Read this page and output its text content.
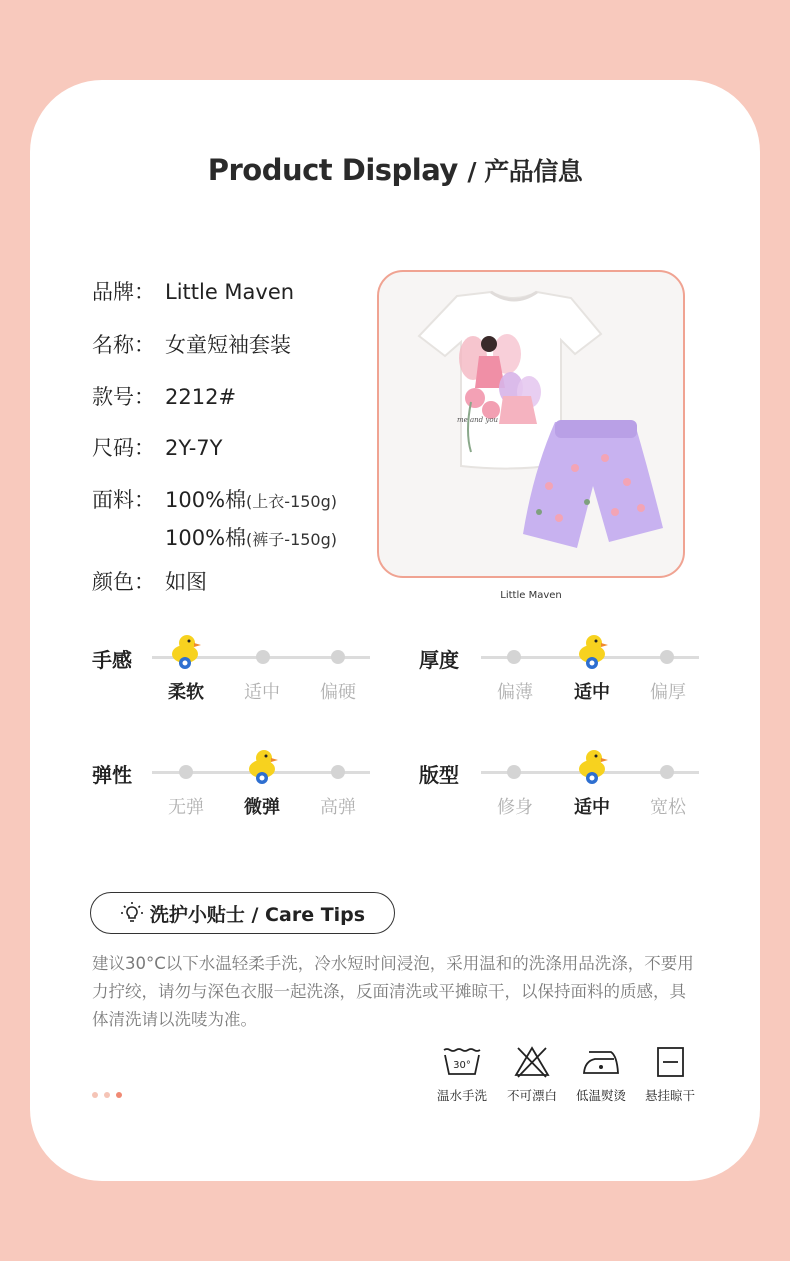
Product Display / 产品信息
品牌： Little Maven
名称： 女童短袖套装
款号： 2212#
尺码： 2Y-7Y
面料： 100%棉(上衣-150g)
100%棉(裤子-150g)
颜色： 如图
me and you
Little Maven
手感
柔软	适中	偏硬
厚度
偏薄	适中	偏厚
弹性
无弹	微弹	高弹
版型
修身	适中	宽松
洗护小贴士 / Care Tips
建议30°C以下水温轻柔手洗，冷水短时间浸泡，采用温和的洗涤用品洗涤，不要用力拧绞，请勿与深色衣服一起洗涤，反面清洗或平摊晾干，以保持面料的质感，具体清洗请以洗唛为准。
30°
温水手洗	不可漂白	低温熨烫	悬挂晾干
